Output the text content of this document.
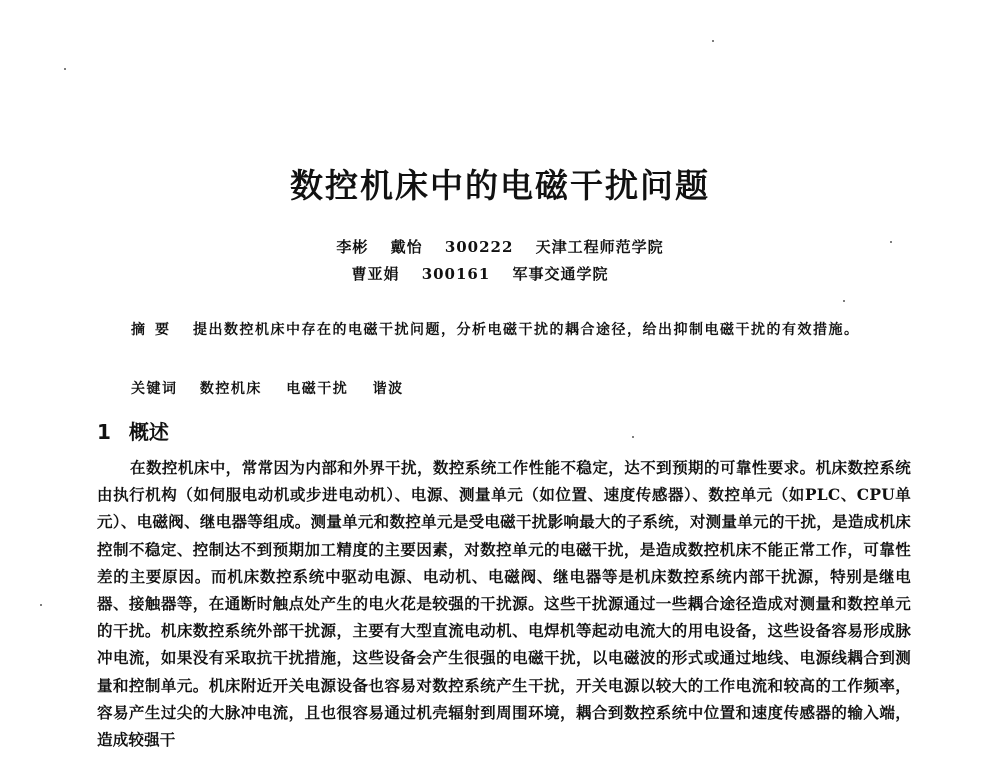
数控机床中的电磁干扰问题
李彬 戴怡 300222 天津工程师范学院
曹亚娟 300161 军事交通学院
摘要 提出数控机床中存在的电磁干扰问题，分析电磁干扰的耦合途径，给出抑制电磁干扰的有效措施。
关键词 数控机床 电磁干扰 谐波
1 概述
在数控机床中，常常因为内部和外界干扰，数控系统工作性能不稳定，达不到预期的可靠性要求。机床数控系统由执行机构（如伺服电动机或步进电动机）、电源、测量单元（如位置、速度传感器）、数控单元（如PLC、CPU单元）、电磁阀、继电器等组成。测量单元和数控单元是受电磁干扰影响最大的子系统，对测量单元的干扰，是造成机床控制不稳定、控制达不到预期加工精度的主要因素，对数控单元的电磁干扰，是造成数控机床不能正常工作，可靠性差的主要原因。而机床数控系统中驱动电源、电动机、电磁阀、继电器等是机床数控系统内部干扰源，特别是继电器、接触器等，在通断时触点处产生的电火花是较强的干扰源。这些干扰源通过一些耦合途径造成对测量和数控单元的干扰。机床数控系统外部干扰源，主要有大型直流电动机、电焊机等起动电流大的用电设备，这些设备容易形成脉冲电流，如果没有采取抗干扰措施，这些设备会产生很强的电磁干扰，以电磁波的形式或通过地线、电源线耦合到测量和控制单元。机床附近开关电源设备也容易对数控系统产生干扰，开关电源以较大的工作电流和较高的工作频率，容易产生过尖的大脉冲电流，且也很容易通过机壳辐射到周围环境，耦合到数控系统中位置和速度传感器的输入端，造成较强干
